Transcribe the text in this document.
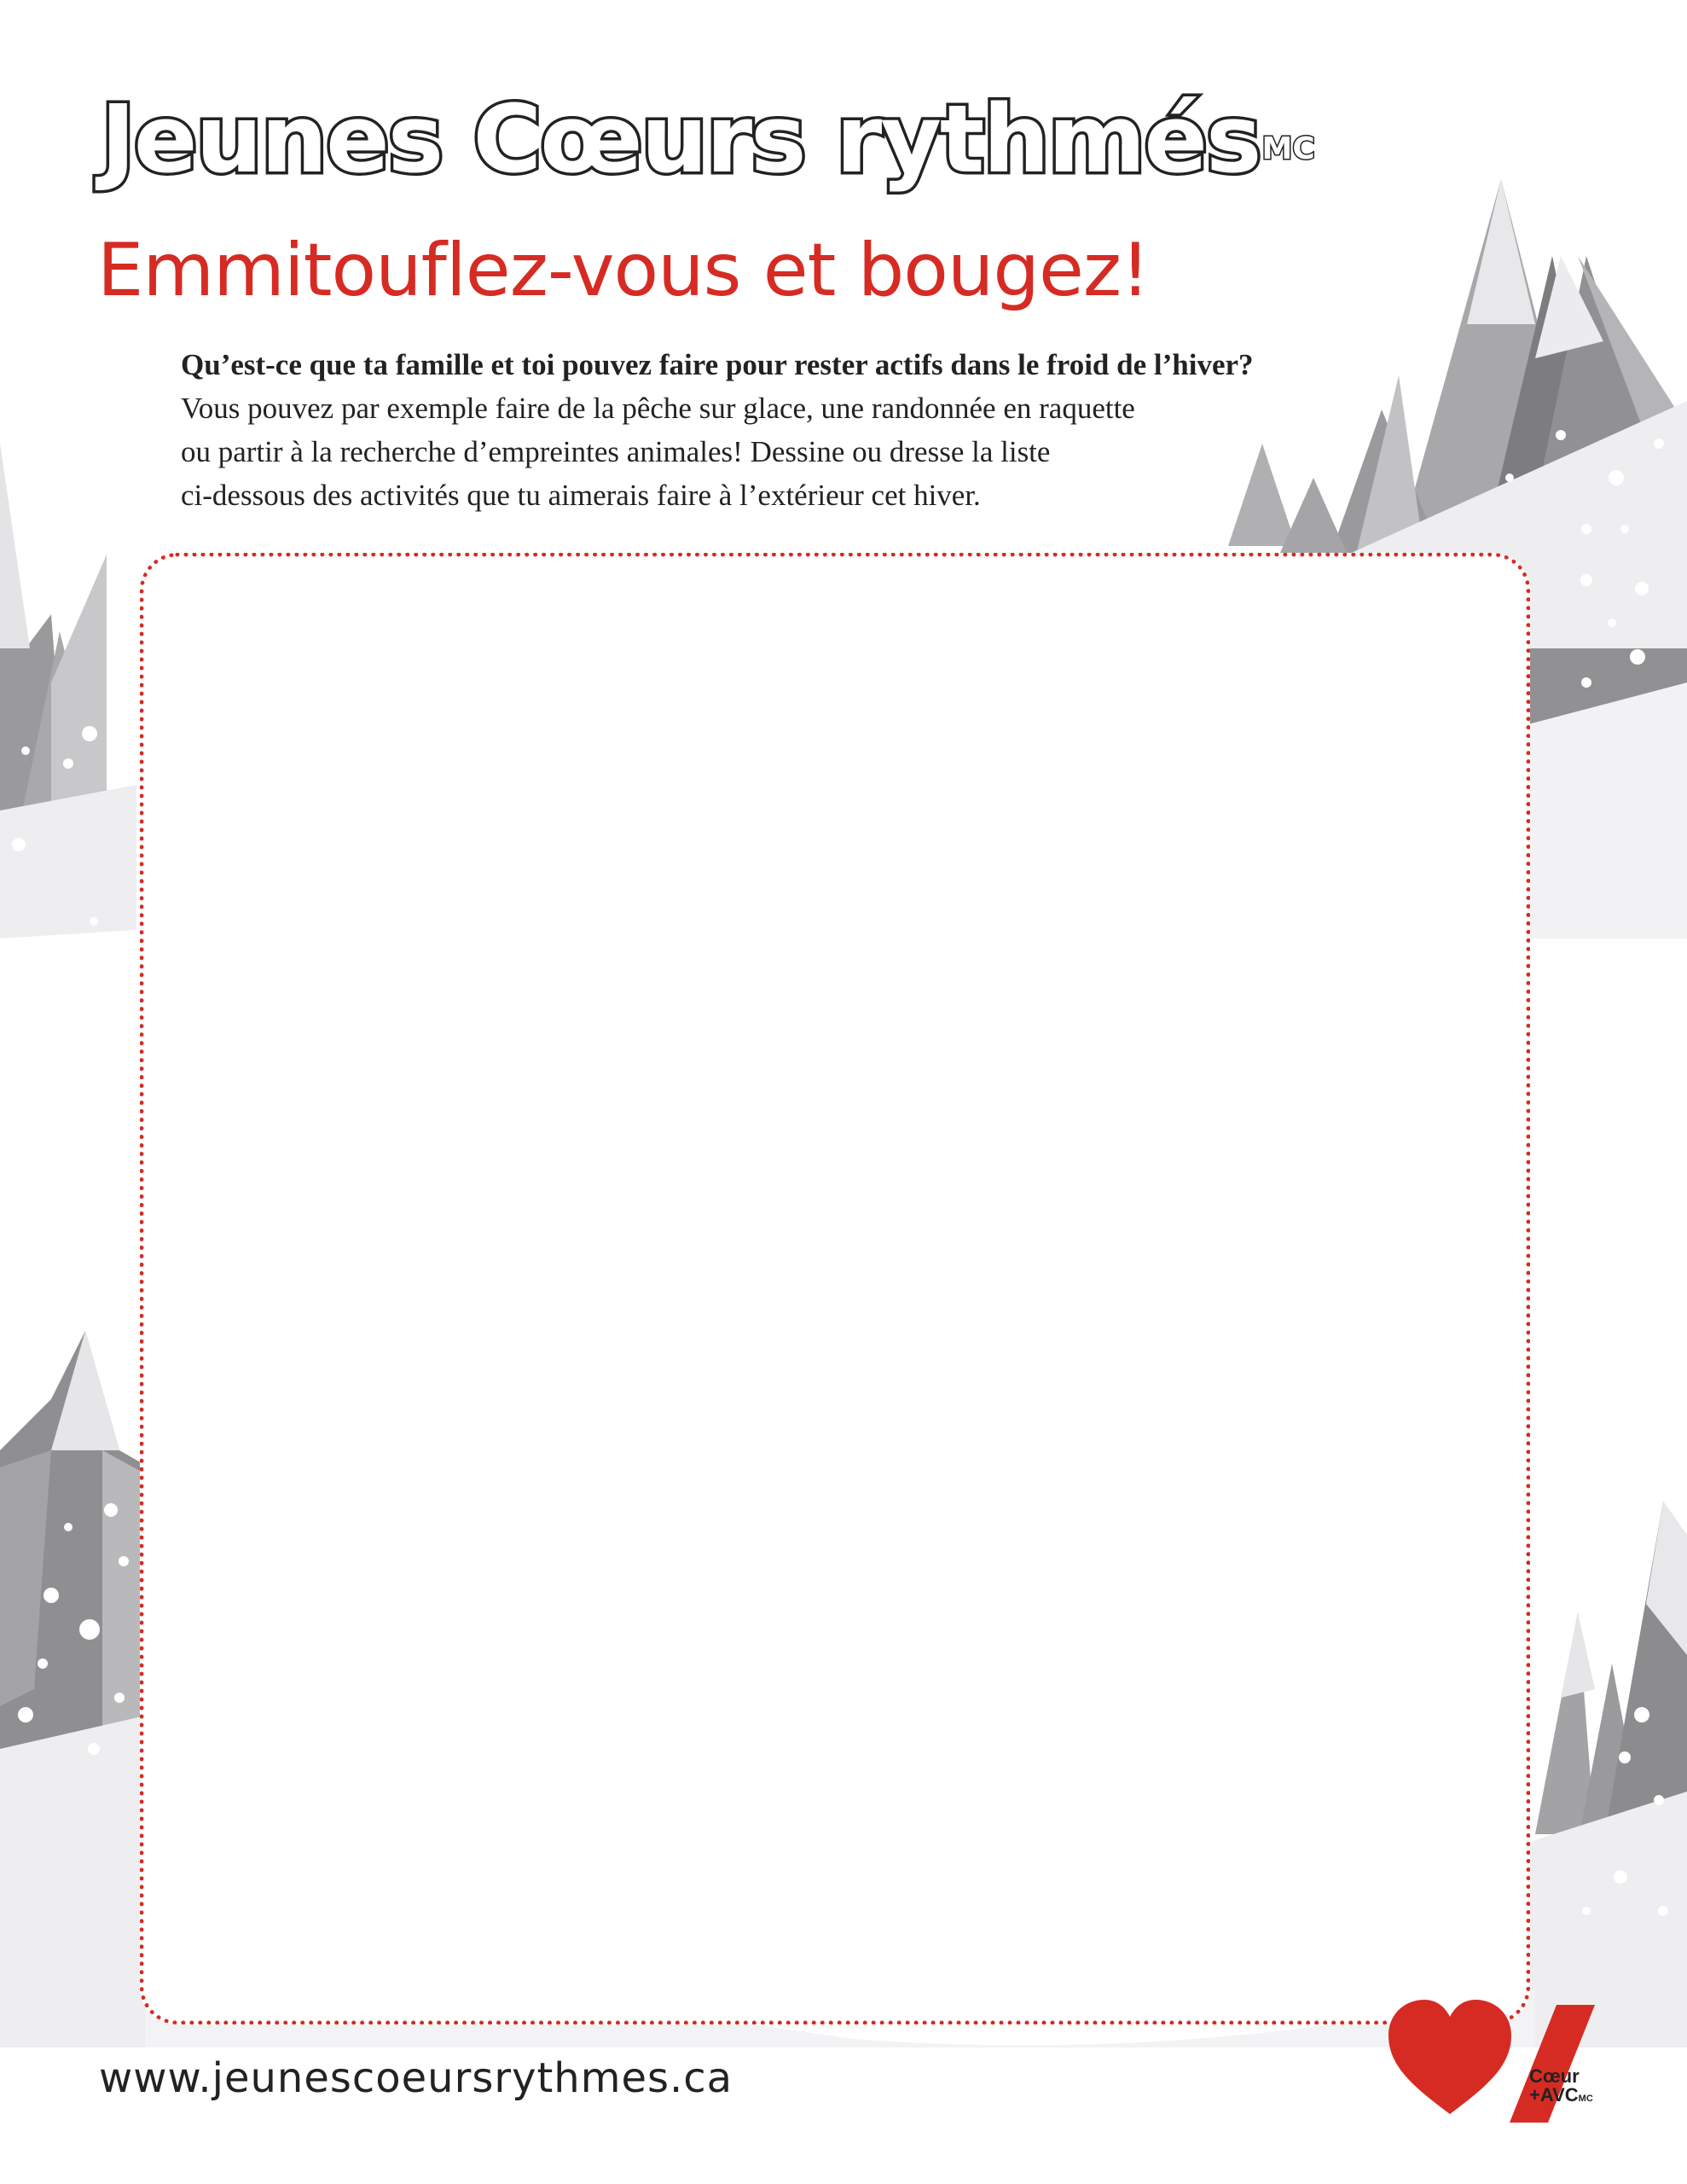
Jeunes Cœurs rythmés$^{MC}$
Emmitouflez-vous et bougez!

Qu’est-ce que ta famille et toi pouvez faire pour rester actifs dans le froid de l’hiver?
Vous pouvez par exemple faire de la pêche sur glace, une randonnée en raquette
ou partir à la recherche d’empreintes animales! Dessine ou dresse la liste
ci-dessous des activités que tu aimerais faire à l’extérieur cet hiver.

www.jeunescoeursrythmes.ca	Cœur
+AVCMC
